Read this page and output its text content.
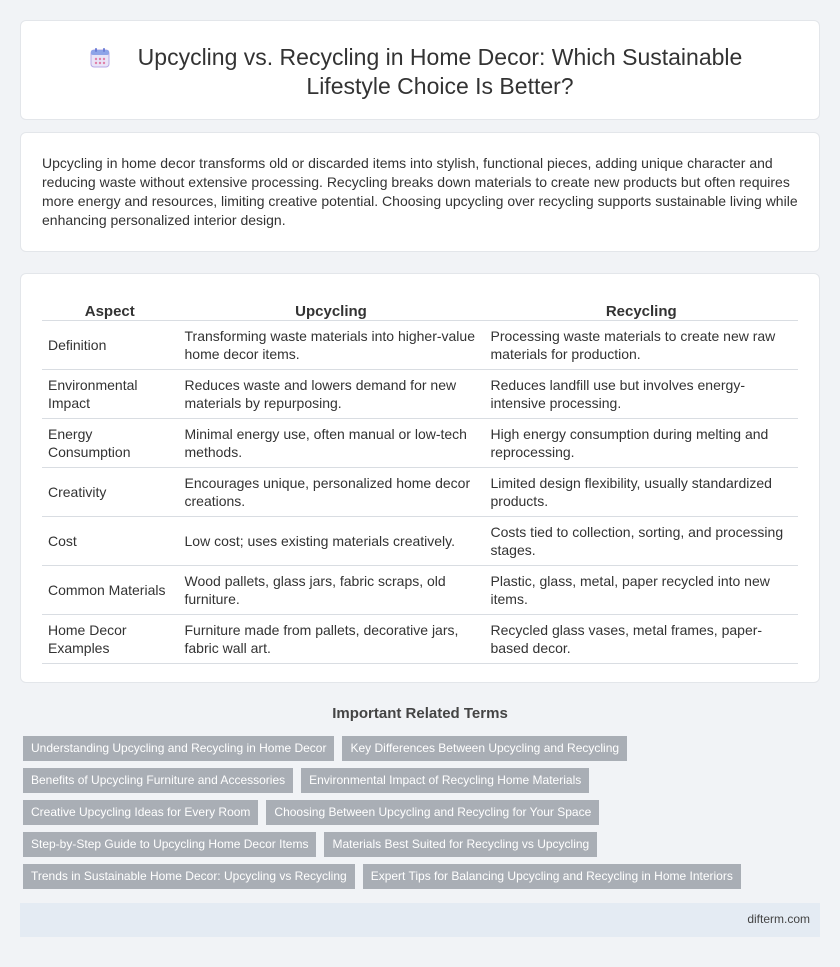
Upcycling vs. Recycling in Home Decor: Which Sustainable Lifestyle Choice Is Better?

Upcycling in home decor transforms old or discarded items into stylish, functional pieces, adding unique character and reducing waste without extensive processing. Recycling breaks down materials to create new products but often requires more energy and resources, limiting creative potential. Choosing upcycling over recycling supports sustainable living while enhancing personalized interior design.

Aspect	Upcycling	Recycling
Definition	Transforming waste materials into higher-value home decor items.	Processing waste materials to create new raw materials for production.
Environmental Impact	Reduces waste and lowers demand for new materials by repurposing.	Reduces landfill use but involves energy-intensive processing.
Energy Consumption	Minimal energy use, often manual or low-tech methods.	High energy consumption during melting and reprocessing.
Creativity	Encourages unique, personalized home decor creations.	Limited design flexibility, usually standardized products.
Cost	Low cost; uses existing materials creatively.	Costs tied to collection, sorting, and processing stages.
Common Materials	Wood pallets, glass jars, fabric scraps, old furniture.	Plastic, glass, metal, paper recycled into new items.
Home Decor Examples	Furniture made from pallets, decorative jars, fabric wall art.	Recycled glass vases, metal frames, paper-based decor.
Important Related Terms
Understanding Upcycling and Recycling in Home Decor	Key Differences Between Upcycling and Recycling
Benefits of Upcycling Furniture and Accessories	Environmental Impact of Recycling Home Materials
Creative Upcycling Ideas for Every Room	Choosing Between Upcycling and Recycling for Your Space
Step-by-Step Guide to Upcycling Home Decor Items	Materials Best Suited for Recycling vs Upcycling
Trends in Sustainable Home Decor: Upcycling vs Recycling	Expert Tips for Balancing Upcycling and Recycling in Home Interiors
difterm.com
